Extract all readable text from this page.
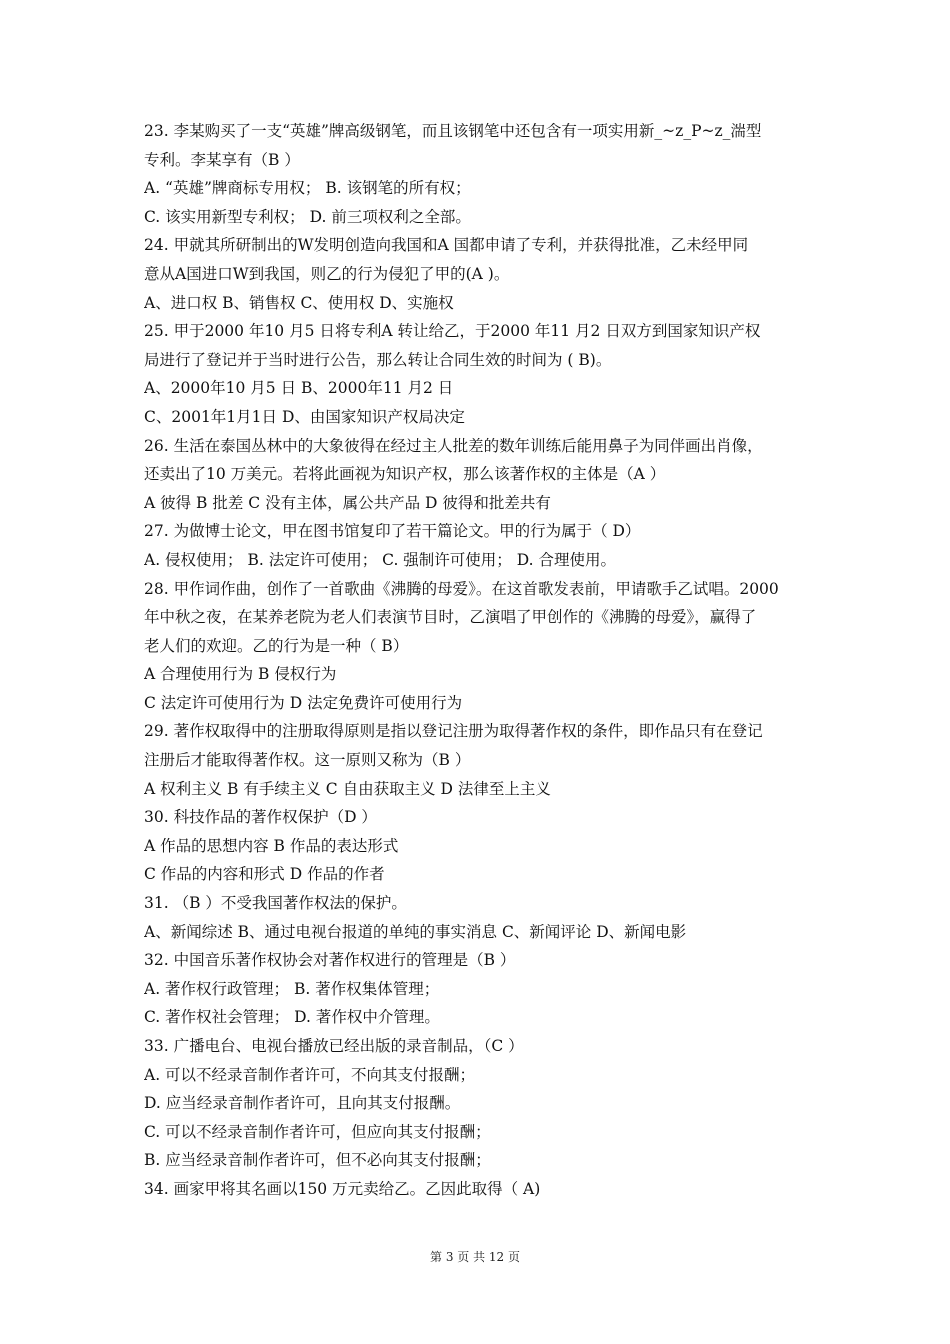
23. 李某购买了一支“英雄”牌高级钢笔，而且该钢笔中还包含有一项实用新_~z_P~z_湍型
专利。李某享有（B ）
A. “英雄”牌商标专用权； B. 该钢笔的所有权；
C. 该实用新型专利权； D. 前三项权利之全部。
24. 甲就其所研制出的W发明创造向我国和A 国都申请了专利，并获得批准，乙未经甲同
意从A国进口W到我国，则乙的行为侵犯了甲的(A )。
A、进口权 B、销售权 C、使用权 D、实施权
25. 甲于2000 年10 月5 日将专利A 转让给乙，于2000 年11 月2 日双方到国家知识产权
局进行了登记并于当时进行公告，那么转让合同生效的时间为 ( B)。
A、2000年10 月5 日 B、2000年11 月2 日
C、2001年1月1日 D、由国家知识产权局决定
26. 生活在泰国丛林中的大象彼得在经过主人批差的数年训练后能用鼻子为同伴画出肖像，
还卖出了10 万美元。若将此画视为知识产权，那么该著作权的主体是（A ）
A 彼得 B 批差 C 没有主体，属公共产品 D 彼得和批差共有
27. 为做博士论文，甲在图书馆复印了若干篇论文。甲的行为属于（ D）
A. 侵权使用； B. 法定许可使用； C. 强制许可使用； D. 合理使用。
28. 甲作词作曲，创作了一首歌曲《沸腾的母爱》。在这首歌发表前，甲请歌手乙试唱。2000
年中秋之夜，在某养老院为老人们表演节目时，乙演唱了甲创作的《沸腾的母爱》，赢得了
老人们的欢迎。乙的行为是一种（ B）
A 合理使用行为 B 侵权行为
C 法定许可使用行为 D 法定免费许可使用行为
29. 著作权取得中的注册取得原则是指以登记注册为取得著作权的条件，即作品只有在登记
注册后才能取得著作权。这一原则又称为（B ）
A 权利主义 B 有手续主义 C 自由获取主义 D 法律至上主义
30. 科技作品的著作权保护（D ）
A 作品的思想内容 B 作品的表达形式
C 作品的内容和形式 D 作品的作者
31. （B ）不受我国著作权法的保护。
A、新闻综述 B、通过电视台报道的单纯的事实消息 C、新闻评论 D、新闻电影
32. 中国音乐著作权协会对著作权进行的管理是（B ）
A. 著作权行政管理； B. 著作权集体管理；
C. 著作权社会管理； D. 著作权中介管理。
33. 广播电台、电视台播放已经出版的录音制品，（C ）
A. 可以不经录音制作者许可，不向其支付报酬；
D. 应当经录音制作者许可，且向其支付报酬。
C. 可以不经录音制作者许可，但应向其支付报酬；
B. 应当经录音制作者许可，但不必向其支付报酬；
34. 画家甲将其名画以150 万元卖给乙。乙因此取得（ A)
第 3 页 共 12 页
